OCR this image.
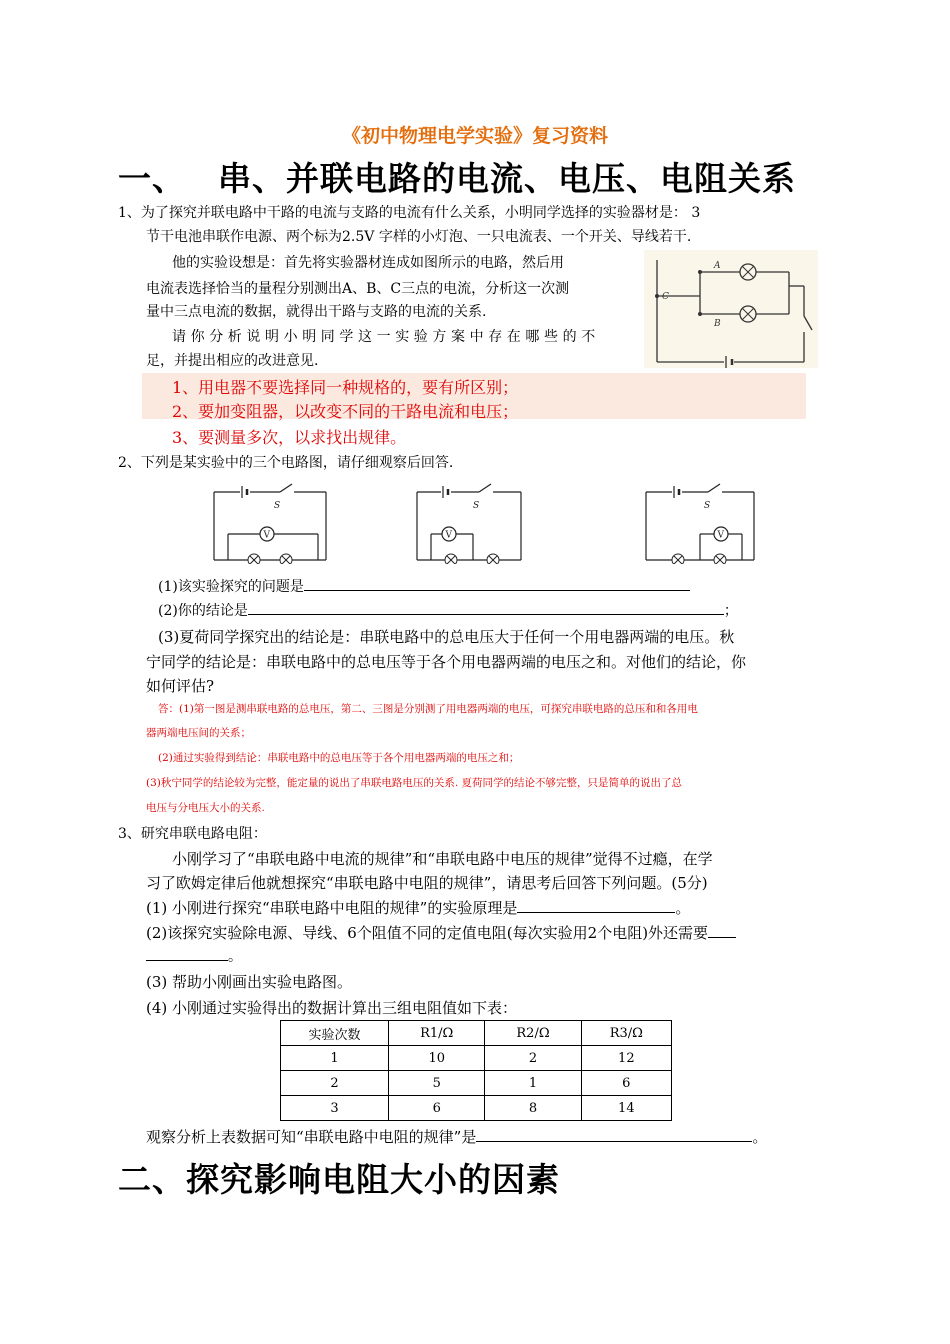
《初中物理电学实验》复习资料
一、 串、并联电路的电流、电压、电阻关系
1、为了探究并联电路中干路的电流与支路的电流有什么关系，小明同学选择的实验器材是： 3
节干电池串联作电源、两个标为2.5V 字样的小灯泡、一只电流表、一个开关、导线若干.
他的实验设想是：首先将实验器材连成如图所示的电路，然后用
电流表选择恰当的量程分别测出A、B、C三点的电流，分析这一次测
量中三点电流的数据，就得出干路与支路的电流的关系.
请你分析说明小明同学这一实验方案中存在哪些的不
足，并提出相应的改进意见.
A
B
C
1、用电器不要选择同一种规格的，要有所区别；
2、要加变阻器，以改变不同的干路电流和电压；
3、要测量多次，以求找出规律。
2、下列是某实验中的三个电路图，请仔细观察后回答.
S
V
S
V
S
V
(1)该实验探究的问题是
(2)你的结论是	；
(3)夏荷同学探究出的结论是：串联电路中的总电压大于任何一个用电器两端的电压。秋
宁同学的结论是：串联电路中的总电压等于各个用电器两端的电压之和。对他们的结论，你
如何评估?
答：(1)第一图是测串联电路的总电压，第二、三图是分别测了用电器两端的电压，可探究串联电路的总压和和各用电
器两端电压间的关系；
(2)通过实验得到结论：串联电路中的总电压等于各个用电器两端的电压之和；
(3)秋宁同学的结论较为完整，能定量的说出了串联电路电压的关系. 夏荷同学的结论不够完整，只是简单的说出了总
电压与分电压大小的关系.
3、研究串联电路电阻：
小刚学习了“串联电路中电流的规律”和“串联电路中电压的规律”觉得不过瘾，在学
习了欧姆定律后他就想探究“串联电路中电阻的规律”，请思考后回答下列问题。(5分)
(1) 小刚进行探究“串联电路中电阻的规律”的实验原理是	。
(2)该探究实验除电源、导线、6个阻值不同的定值电阻(每次实验用2个电阻)外还需要
。
(3) 帮助小刚画出实验电路图。
(4) 小刚通过实验得出的数据计算出三组电阻值如下表：
实验次数	R1/Ω	R2/Ω	R3/Ω
1	10	2	12
2	5	1	6
3	6	8	14
观察分析上表数据可知“串联电路中电阻的规律”是	。
二、探究影响电阻大小的因素
